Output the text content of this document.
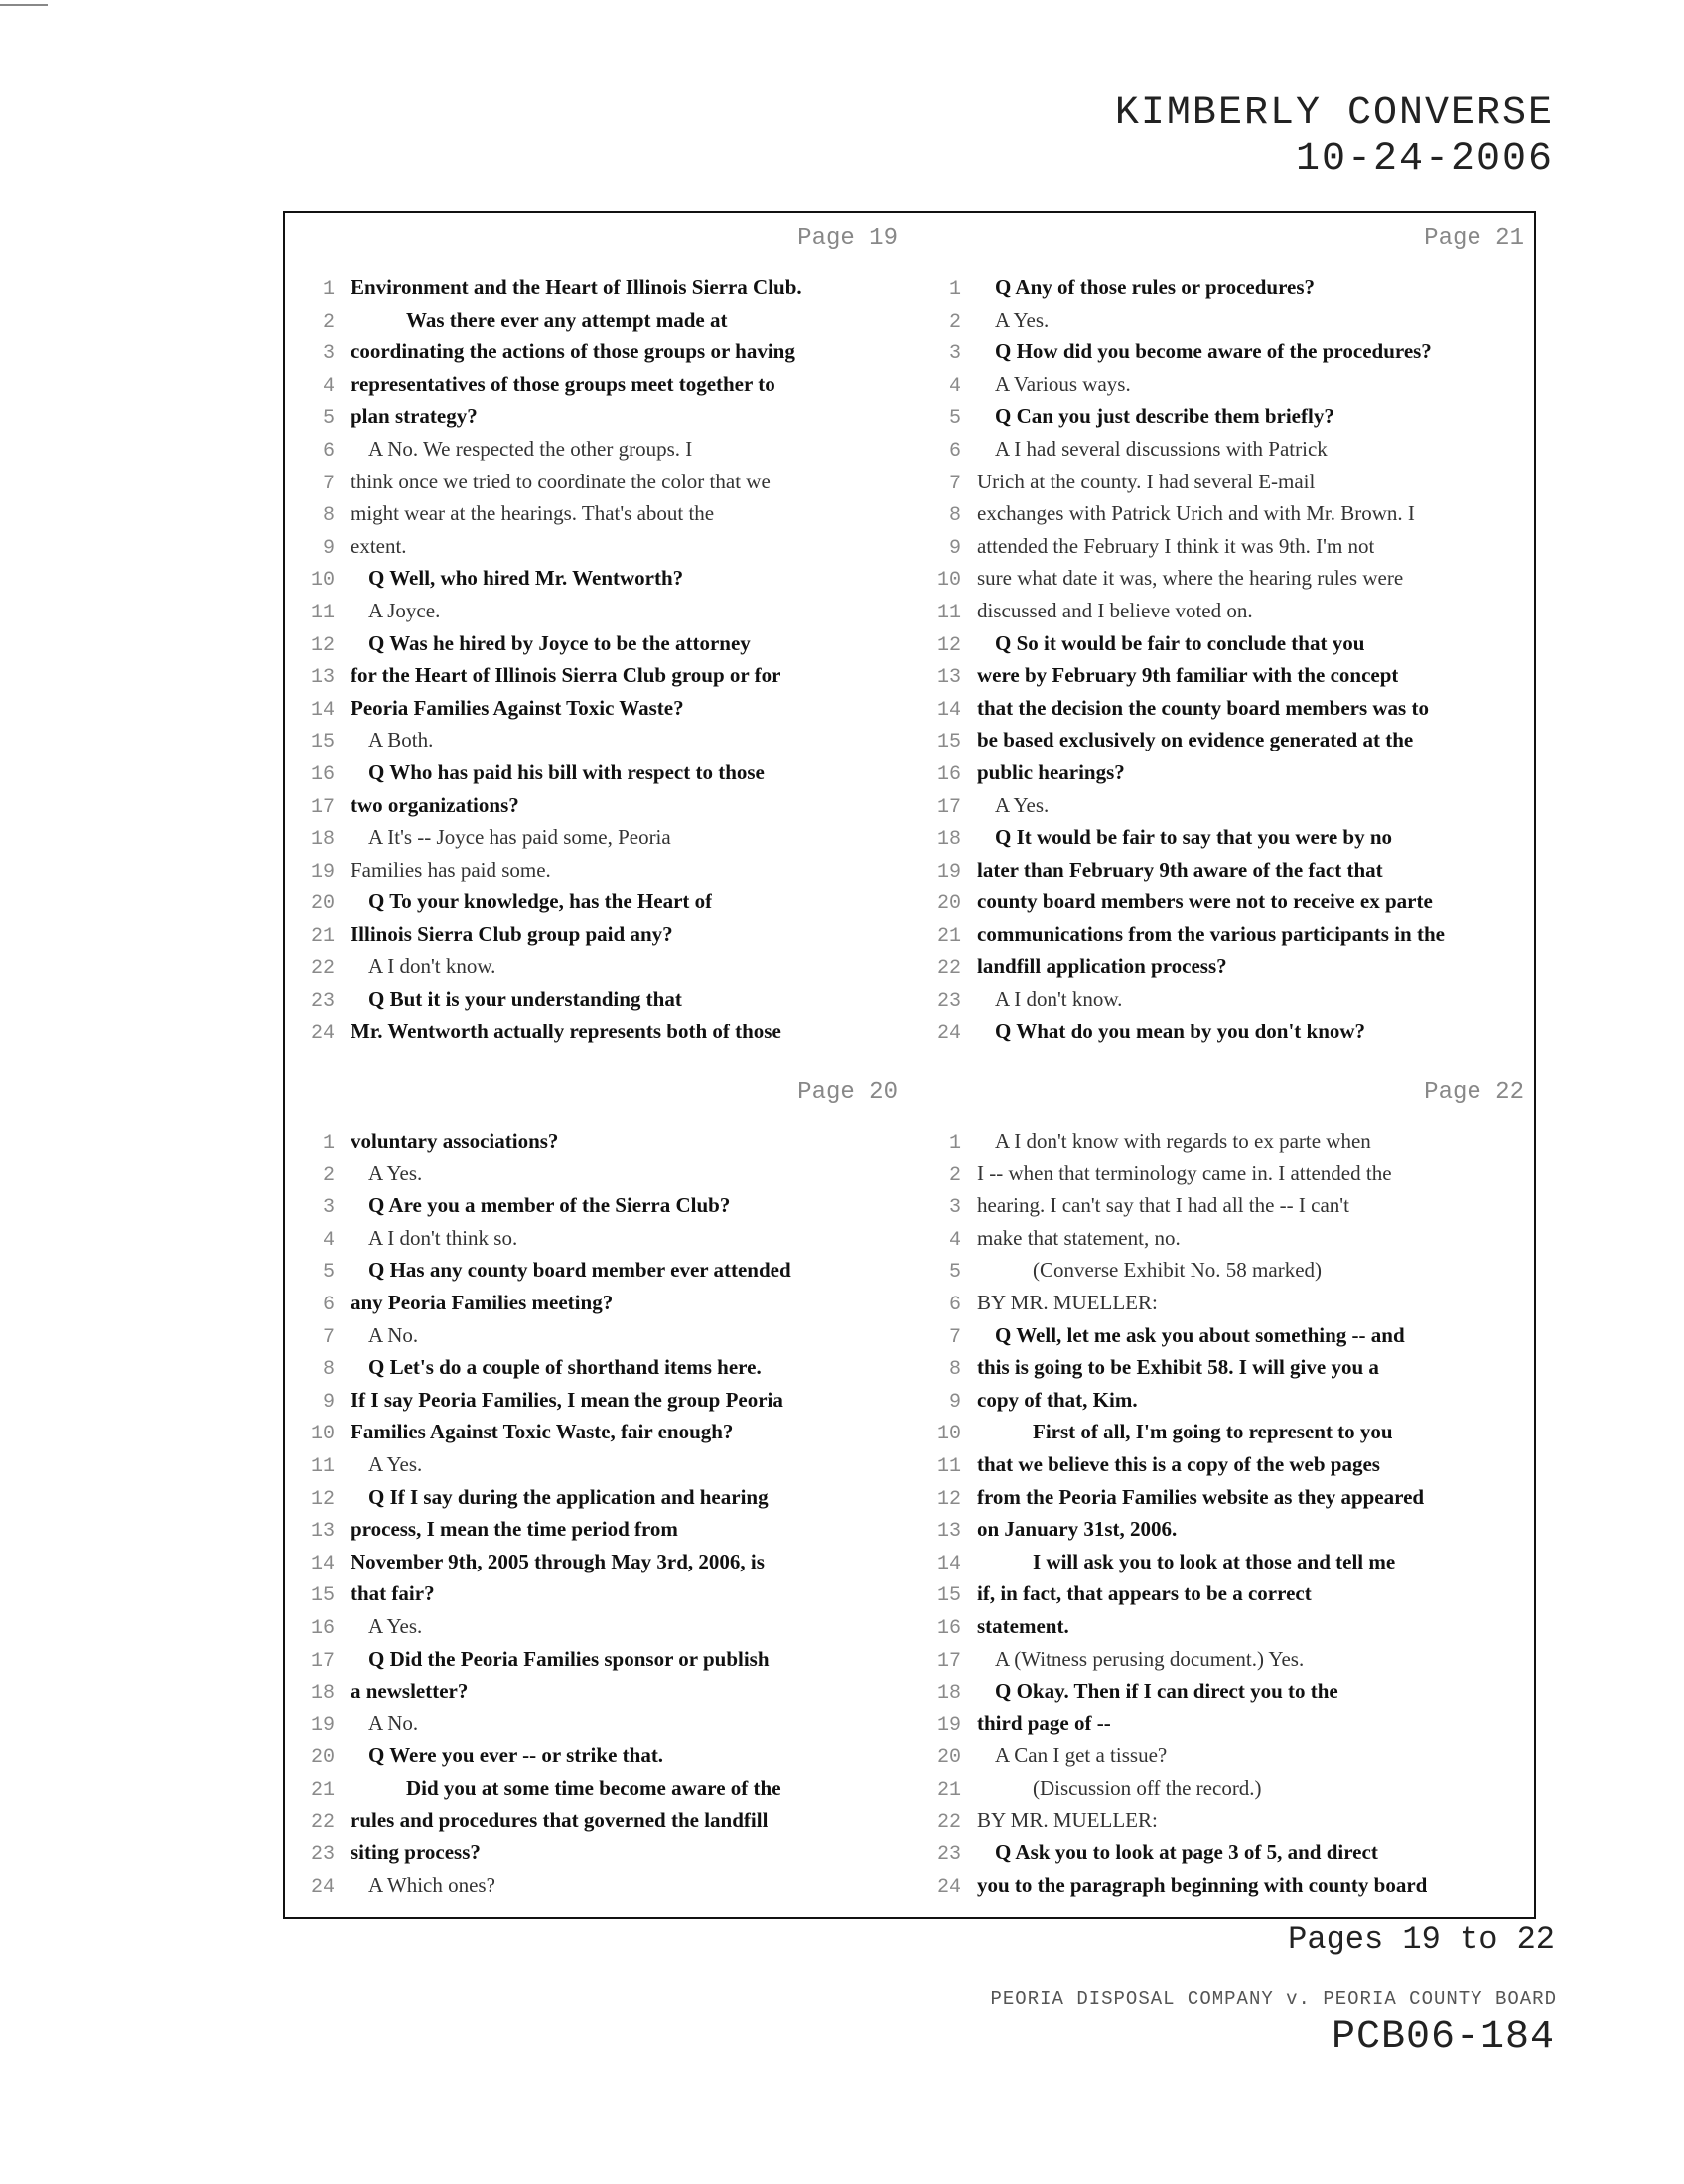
KIMBERLY CONVERSE
10-24-2006
Page 19
1 Environment and the Heart of Illinois Sierra Club.
2	Was there ever any attempt made at
3 coordinating the actions of those groups or having
4 representatives of those groups meet together to
5 plan strategy?
6	A No. We respected the other groups. I
7 think once we tried to coordinate the color that we
8 might wear at the hearings. That's about the
9 extent.
10	Q Well, who hired Mr. Wentworth?
11	A Joyce.
12	Q Was he hired by Joyce to be the attorney
13 for the Heart of Illinois Sierra Club group or for
14 Peoria Families Against Toxic Waste?
15	A Both.
16	Q Who has paid his bill with respect to those
17 two organizations?
18	A It's -- Joyce has paid some, Peoria
19 Families has paid some.
20	Q To your knowledge, has the Heart of
21 Illinois Sierra Club group paid any?
22	A I don't know.
23	Q But it is your understanding that
24 Mr. Wentworth actually represents both of those
Page 21
1	Q Any of those rules or procedures?
2	A Yes.
3	Q How did you become aware of the procedures?
4	A Various ways.
5	Q Can you just describe them briefly?
6	A I had several discussions with Patrick
7 Urich at the county. I had several E-mail
8 exchanges with Patrick Urich and with Mr. Brown. I
9 attended the February I think it was 9th. I'm not
10 sure what date it was, where the hearing rules were
11 discussed and I believe voted on.
12	Q So it would be fair to conclude that you
13 were by February 9th familiar with the concept
14 that the decision the county board members was to
15 be based exclusively on evidence generated at the
16 public hearings?
17	A Yes.
18	Q It would be fair to say that you were by no
19 later than February 9th aware of the fact that
20 county board members were not to receive ex parte
21 communications from the various participants in the
22 landfill application process?
23	A I don't know.
24	Q What do you mean by you don't know?
Page 20
1 voluntary associations?
2	A Yes.
3	Q Are you a member of the Sierra Club?
4	A I don't think so.
5	Q Has any county board member ever attended
6 any Peoria Families meeting?
7	A No.
8	Q Let's do a couple of shorthand items here.
9 If I say Peoria Families, I mean the group Peoria
10 Families Against Toxic Waste, fair enough?
11	A Yes.
12	Q If I say during the application and hearing
13 process, I mean the time period from
14 November 9th, 2005 through May 3rd, 2006, is
15 that fair?
16	A Yes.
17	Q Did the Peoria Families sponsor or publish
18 a newsletter?
19	A No.
20	Q Were you ever -- or strike that.
21	Did you at some time become aware of the
22 rules and procedures that governed the landfill
23 siting process?
24	A Which ones?
Page 22
1	A I don't know with regards to ex parte when
2 I -- when that terminology came in. I attended the
3 hearing. I can't say that I had all the -- I can't
4 make that statement, no.
5	(Converse Exhibit No. 58 marked)
6 BY MR. MUELLER:
7	Q Well, let me ask you about something -- and
8 this is going to be Exhibit 58. I will give you a
9 copy of that, Kim.
10	First of all, I'm going to represent to you
11 that we believe this is a copy of the web pages
12 from the Peoria Families website as they appeared
13 on January 31st, 2006.
14	I will ask you to look at those and tell me
15 if, in fact, that appears to be a correct
16 statement.
17	A (Witness perusing document.) Yes.
18	Q Okay. Then if I can direct you to the
19 third page of --
20	A Can I get a tissue?
21	(Discussion off the record.)
22 BY MR. MUELLER:
23	Q Ask you to look at page 3 of 5, and direct
24 you to the paragraph beginning with county board
Pages 19 to 22
PEORIA DISPOSAL COMPANY v. PEORIA COUNTY BOARD
PCB06-184
